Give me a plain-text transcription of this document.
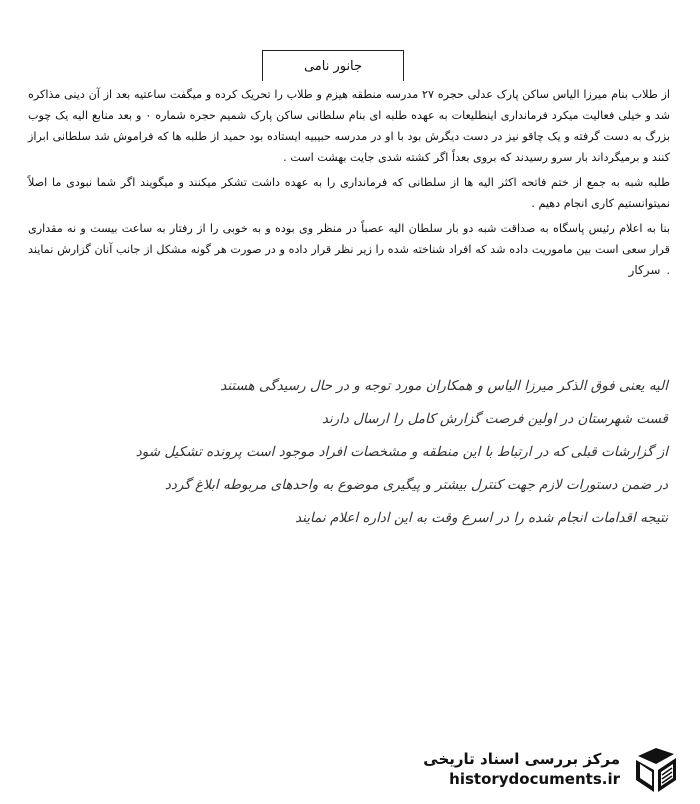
جانور نامی

از طلاب بنام میرزا الیاس ساکن پارک عدلی حجره ۲۷ مدرسه منطقه هیزم و طلاب را تحریک کرده و میگفت ساعتیه بعد از آن دینی مذاکره شد و خیلی فعالیت میکرد فرمانداری اینطلیعات به عهده طلبه ای بنام سلطانی ساکن پارک شمیم حجره شماره ۰ و بعد منابع الیه یک چوب بزرگ به دست گرفته و یک چاقو نیز در دست دیگرش بود با او در مدرسه حبیبیه ایستاده بود حمید از طلبه ها که فراموش شد سلطانی ابراز کنند و برمیگرداند بار سرو رسیدند که بروی بعداً اگر کشته شدی جایت بهشت است .

طلبه شبه به جمع از ختم فاتحه اکثر الیه ها از سلطانی که فرمانداری را به عهده داشت تشکر میکنند و میگویند اگر شما نبودی ما اصلاً نمیتوانستیم کاری انجام دهیم .

بنا به اعلام رئیس پاسگاه به صداقت شبه دو بار سلطان الیه عصباً در منظر وی بوده و به خوبی را از رفتار به ساعت بیست و نه مقداری قرار سعی است بین ماموریت داده شد که افراد شناخته شده را زیر نظر قرار داده و در صورت هر گونه مشکل از جانب آنان گزارش نمایند .سرکار

الیه یعنی فوق الذکر میرزا الیاس و همکاران مورد توجه و در حال رسیدگی هستند

قست شهرستان در اولین فرصت گزارش کامل را ارسال دارند

از گزارشات قبلی که در ارتباط با این منطقه و مشخصات افراد موجود است پرونده تشکیل شود

در ضمن دستورات لازم جهت کنترل بیشتر و پیگیری موضوع به واحدهای مربوطه ابلاغ گردد

نتیجه اقدامات انجام شده را در اسرع وقت به این اداره اعلام نمایند

مرکز بررسی اسناد تاریخی
historydocuments.ir
